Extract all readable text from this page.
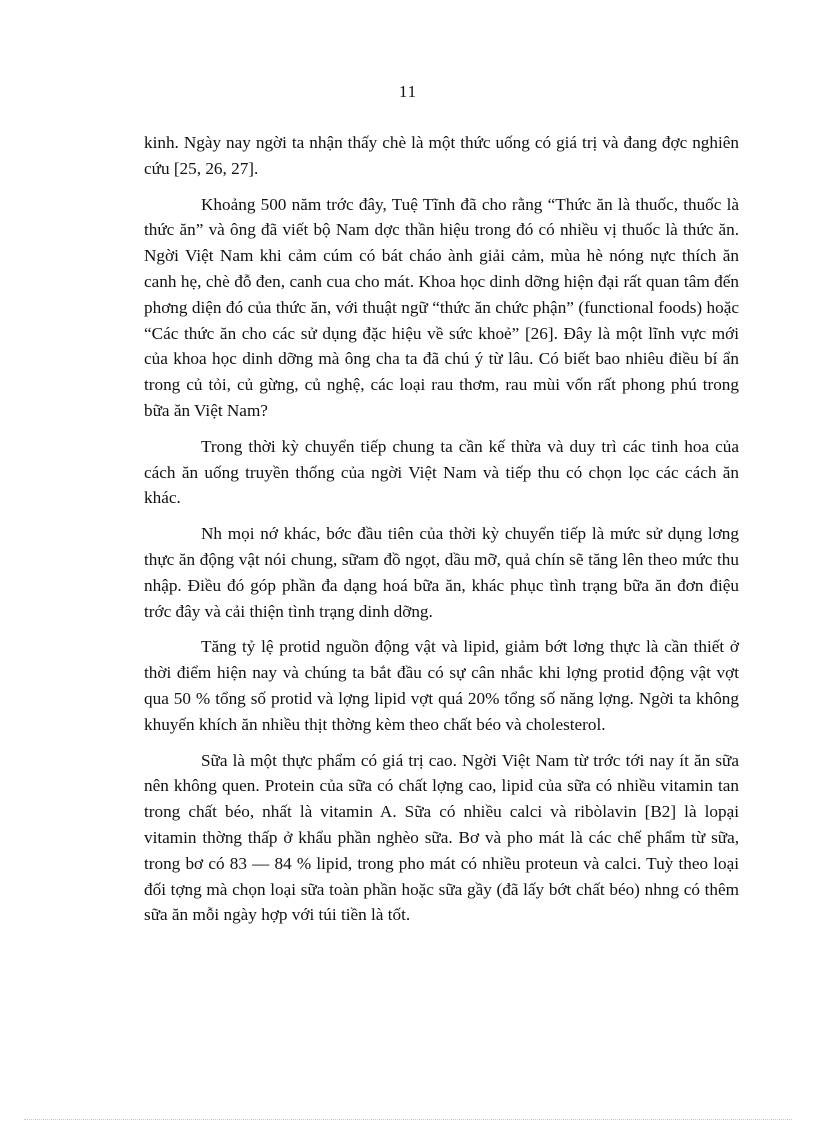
11

kinh. Ngày nay ngời ta nhận thấy chè là một thức uống có giá trị và đang đợc nghiên cứu [25, 26, 27].

Khoảng 500 năm trớc đây, Tuệ Tĩnh đã cho rằng “Thức ăn là thuốc, thuốc là thức ăn” và ông đã viết bộ Nam dợc thần hiệu trong đó có nhiều vị thuốc là thức ăn. Ngời Việt Nam khi cảm cúm có bát cháo ành giải cảm, mùa hè nóng nực thích ăn canh hẹ, chè đỗ đen, canh cua cho mát. Khoa học dinh dỡng hiện đại rất quan tâm đến phơng diện đó của thức ăn, với thuật ngữ “thức ăn chức phận” (functional foods) hoặc “Các thức ăn cho các sử dụng đặc hiệu về sức khoẻ” [26]. Đây là một lĩnh vực mới của khoa học dinh dỡng mà ông cha ta đã chú ý từ lâu. Có biết bao nhiêu điều bí ẩn trong củ tỏi, củ gừng, củ nghệ, các loại rau thơm, rau mùi vốn rất phong phú trong bữa ăn Việt Nam?

Trong thời kỳ chuyển tiếp chung ta cần kế thừa và duy trì các tinh hoa của cách ăn uống truyền thống của ngời Việt Nam và tiếp thu có chọn lọc các cách ăn khác.

Nh mọi nớ khác, bớc đầu tiên của thời kỳ chuyển tiếp là mức sử dụng lơng thực ăn động vật nói chung, sữam đồ ngọt, dầu mỡ, quả chín sẽ tăng lên theo mức thu nhập. Điều đó góp phần đa dạng hoá bữa ăn, khác phục tình trạng bữa ăn đơn điệu trớc đây và cải thiện tình trạng dinh dỡng.

Tăng tỷ lệ protid nguồn động vật và lipid, giảm bớt lơng thực là cần thiết ở thời điểm hiện nay và chúng ta bắt đầu có sự cân nhắc khi lợng protid động vật vợt qua 50 % tổng số protid và lợng lipid vợt quá 20% tổng số năng lợng. Ngời ta không khuyến khích ăn nhiều thịt thờng kèm theo chất béo và cholesterol.

Sữa là một thực phẩm có giá trị cao. Ngời Việt Nam từ trớc tới nay ít ăn sữa nên không quen. Protein của sữa có chất lợng cao, lipid của sữa có nhiều vitamin tan trong chất béo, nhất là vitamin A. Sữa có nhiều calci và ribòlavin [B2] là lopại vitamin thờng thấp ở khẩu phần nghèo sữa. Bơ và pho mát là các chế phẩm từ sữa, trong bơ có 83 — 84 % lipid, trong pho mát có nhiều proteun và calci. Tuỳ theo loại đối tợng mà chọn loại sữa toàn phần hoặc sữa gầy (đã lấy bớt chất béo) nhng có thêm sữa ăn mỗi ngày hợp với túi tiền là tốt.
